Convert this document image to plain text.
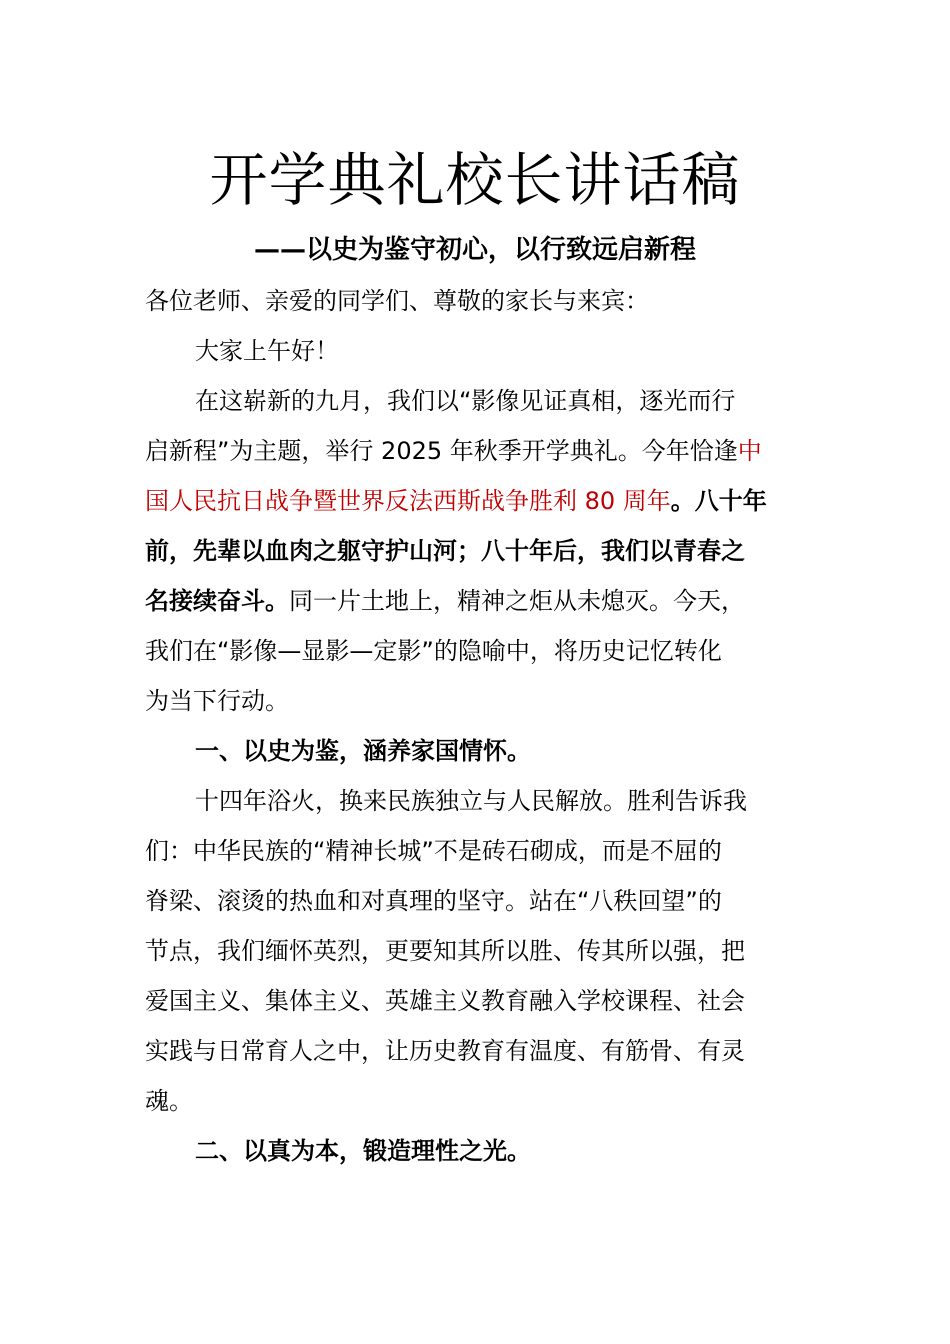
开学典礼校长讲话稿
——以史为鉴守初心，以行致远启新程
各位老师、亲爱的同学们、尊敬的家长与来宾：
大家上午好！
在这崭新的九月，我们以“影像见证真相，逐光而行
启新程”为主题，举行 2025 年秋季开学典礼。今年恰逢中
国人民抗日战争暨世界反法西斯战争胜利 80 周年。八十年
前，先辈以血肉之躯守护山河；八十年后，我们以青春之
名接续奋斗。同一片土地上，精神之炬从未熄灭。今天，
我们在“影像—显影—定影”的隐喻中，将历史记忆转化
为当下行动。
一、以史为鉴，涵养家国情怀。
十四年浴火，换来民族独立与人民解放。胜利告诉我
们：中华民族的“精神长城”不是砖石砌成，而是不屈的
脊梁、滚烫的热血和对真理的坚守。站在“八秩回望”的
节点，我们缅怀英烈，更要知其所以胜、传其所以强，把
爱国主义、集体主义、英雄主义教育融入学校课程、社会
实践与日常育人之中，让历史教育有温度、有筋骨、有灵
魂。
二、以真为本，锻造理性之光。
